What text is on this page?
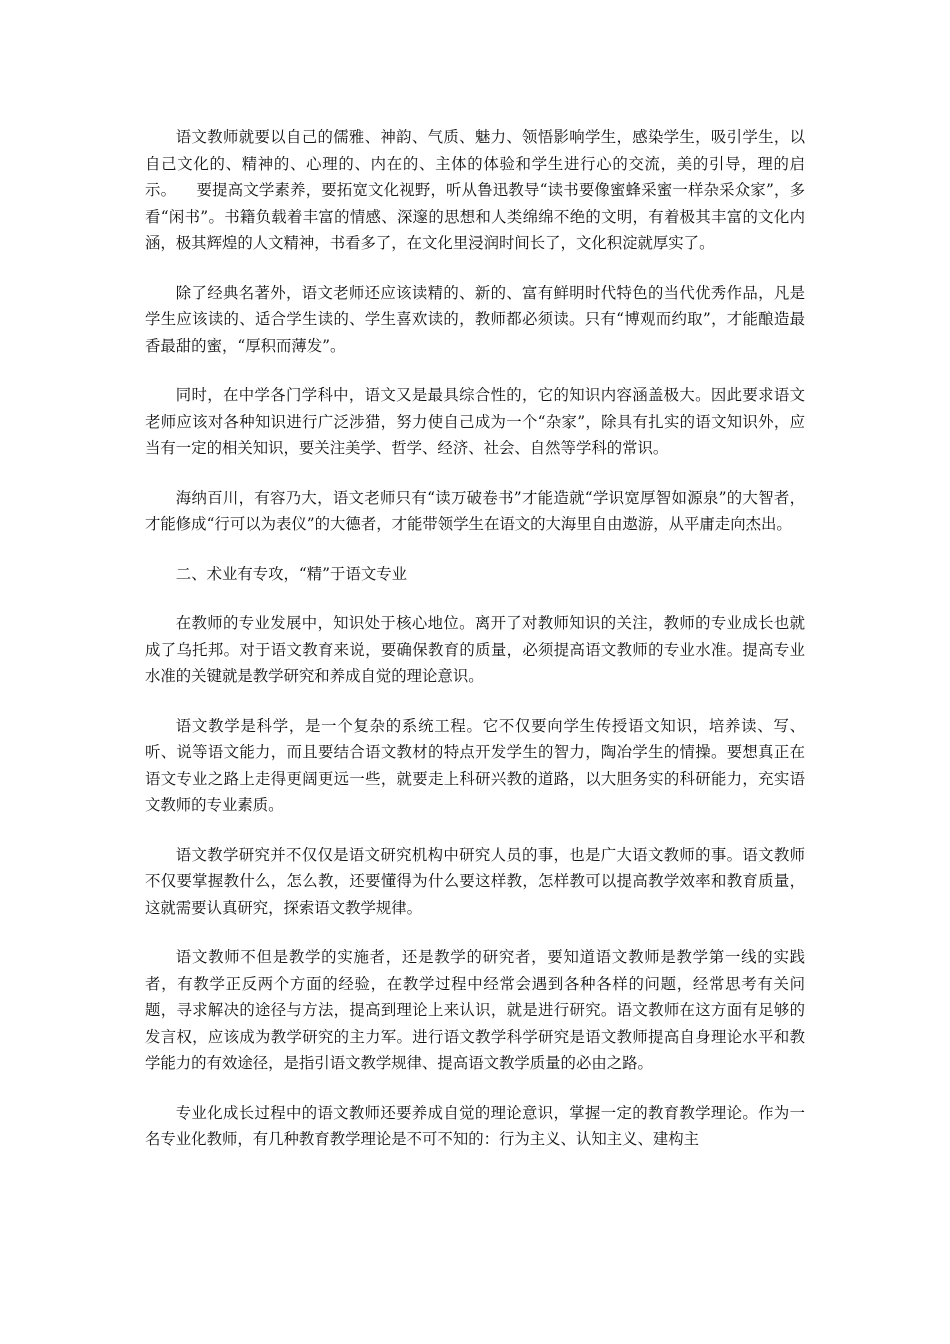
语文教师就要以自己的儒雅、神韵、气质、魅力、领悟影响学生，感染学生，吸引学生，以自己文化的、精神的、心理的、内在的、主体的体验和学生进行心的交流，美的引导，理的启示。    要提高文学素养，要拓宽文化视野，听从鲁迅教导“读书要像蜜蜂采蜜一样杂采众家”，多看“闲书”。书籍负载着丰富的情感、深邃的思想和人类绵绵不绝的文明，有着极其丰富的文化内涵，极其辉煌的人文精神，书看多了，在文化里浸润时间长了，文化积淀就厚实了。

除了经典名著外，语文老师还应该读精的、新的、富有鲜明时代特色的当代优秀作品，凡是学生应该读的、适合学生读的、学生喜欢读的，教师都必须读。只有“博观而约取”，才能酿造最香最甜的蜜，“厚积而薄发”。

同时，在中学各门学科中，语文又是最具综合性的，它的知识内容涵盖极大。因此要求语文老师应该对各种知识进行广泛涉猎，努力使自己成为一个“杂家”，除具有扎实的语文知识外，应当有一定的相关知识，要关注美学、哲学、经济、社会、自然等学科的常识。

海纳百川，有容乃大，语文老师只有“读万破卷书”才能造就“学识宽厚智如源泉”的大智者，才能修成“行可以为表仪”的大德者，才能带领学生在语文的大海里自由遨游，从平庸走向杰出。

二、术业有专攻，“精”于语文专业

在教师的专业发展中，知识处于核心地位。离开了对教师知识的关注，教师的专业成长也就成了乌托邦。对于语文教育来说，要确保教育的质量，必须提高语文教师的专业水准。提高专业水准的关键就是教学研究和养成自觉的理论意识。

语文教学是科学，是一个复杂的系统工程。它不仅要向学生传授语文知识，培养读、写、听、说等语文能力，而且要结合语文教材的特点开发学生的智力，陶冶学生的情操。要想真正在语文专业之路上走得更阔更远一些，就要走上科研兴教的道路，以大胆务实的科研能力，充实语文教师的专业素质。

语文教学研究并不仅仅是语文研究机构中研究人员的事，也是广大语文教师的事。语文教师不仅要掌握教什么，怎么教，还要懂得为什么要这样教，怎样教可以提高教学效率和教育质量，这就需要认真研究，探索语文教学规律。

语文教师不但是教学的实施者，还是教学的研究者，要知道语文教师是教学第一线的实践者，有教学正反两个方面的经验，在教学过程中经常会遇到各种各样的问题，经常思考有关问题，寻求解决的途径与方法，提高到理论上来认识，就是进行研究。语文教师在这方面有足够的发言权，应该成为教学研究的主力军。进行语文教学科学研究是语文教师提高自身理论水平和教学能力的有效途径，是指引语文教学规律、提高语文教学质量的必由之路。

专业化成长过程中的语文教师还要养成自觉的理论意识，掌握一定的教育教学理论。作为一名专业化教师，有几种教育教学理论是不可不知的：行为主义、认知主义、建构主
